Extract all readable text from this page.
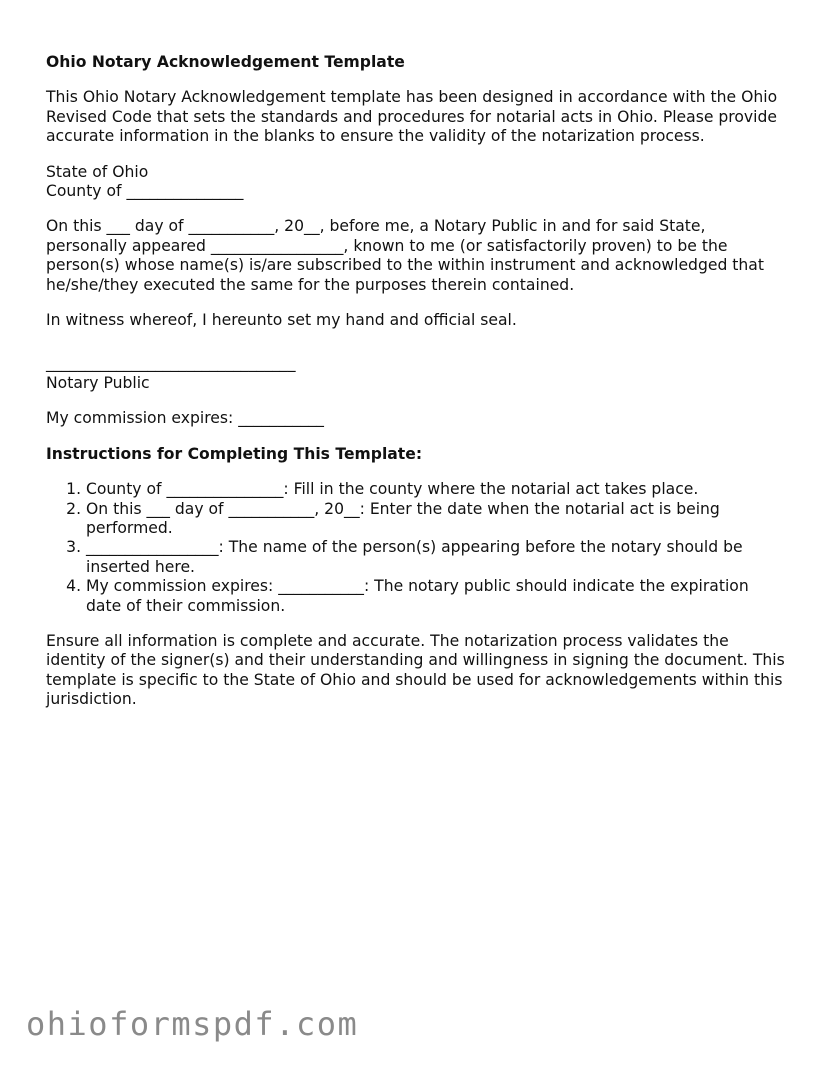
Ohio Notary Acknowledgement Template

This Ohio Notary Acknowledgement template has been designed in accordance with the Ohio Revised Code that sets the standards and procedures for notarial acts in Ohio. Please provide accurate information in the blanks to ensure the validity of the notarization process.

State of Ohio
County of _______________

On this ___ day of ___________, 20__, before me, a Notary Public in and for said State, personally appeared _________________, known to me (or satisfactorily proven) to be the person(s) whose name(s) is/are subscribed to the within instrument and acknowledged that he/she/they executed the same for the purposes therein contained.

In witness whereof, I hereunto set my hand and official seal.

________________________________
Notary Public

My commission expires: ___________

Instructions for Completing This Template:
1. County of _______________: Fill in the county where the notarial act takes place.
2. On this ___ day of ___________, 20__: Enter the date when the notarial act is being performed.
3. _________________: The name of the person(s) appearing before the notary should be inserted here.
4. My commission expires: ___________: The notary public should indicate the expiration date of their commission.

Ensure all information is complete and accurate. The notarization process validates the identity of the signer(s) and their understanding and willingness in signing the document. This template is specific to the State of Ohio and should be used for acknowledgements within this jurisdiction.

ohioformspdf.com
